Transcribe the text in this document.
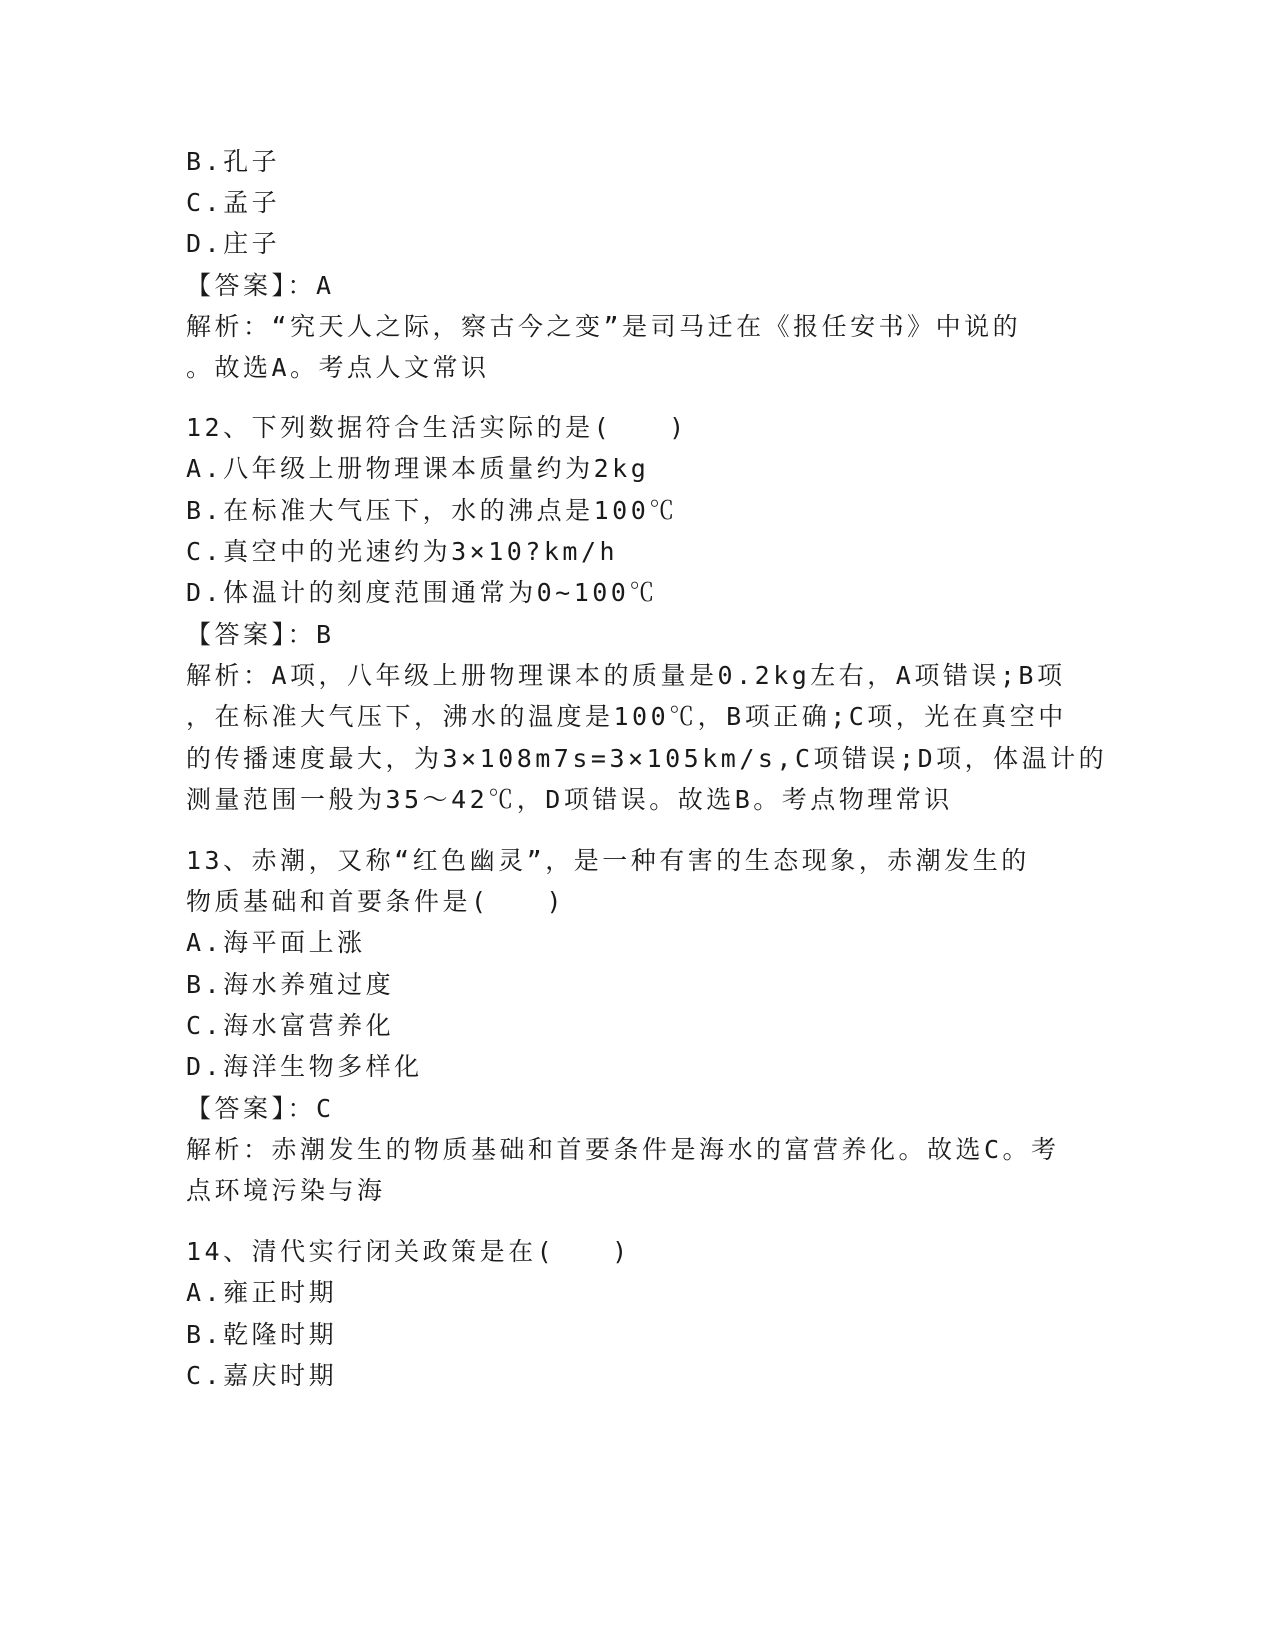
B.孔子
C.孟子
D.庄子
【答案】：A
解析：“究天人之际，察古今之变”是司马迁在《报任安书》中说的
。故选A。考点人文常识
12、下列数据符合生活实际的是(　　)
A.八年级上册物理课本质量约为2kg
B.在标准大气压下，水的沸点是100℃
C.真空中的光速约为3×10?km/h
D.体温计的刻度范围通常为0~100℃
【答案】：B
解析：A项，八年级上册物理课本的质量是0.2kg左右，A项错误;B项
，在标准大气压下，沸水的温度是100℃，B项正确;C项，光在真空中
的传播速度最大，为3×108m7s=3×105km/s,C项错误;D项，体温计的
测量范围一般为35～42℃，D项错误。故选B。考点物理常识
13、赤潮，又称“红色幽灵”，是一种有害的生态现象，赤潮发生的
物质基础和首要条件是(　　)
A.海平面上涨
B.海水养殖过度
C.海水富营养化
D.海洋生物多样化
【答案】：C
解析：赤潮发生的物质基础和首要条件是海水的富营养化。故选C。考
点环境污染与海
14、清代实行闭关政策是在(　　)
A.雍正时期
B.乾隆时期
C.嘉庆时期
